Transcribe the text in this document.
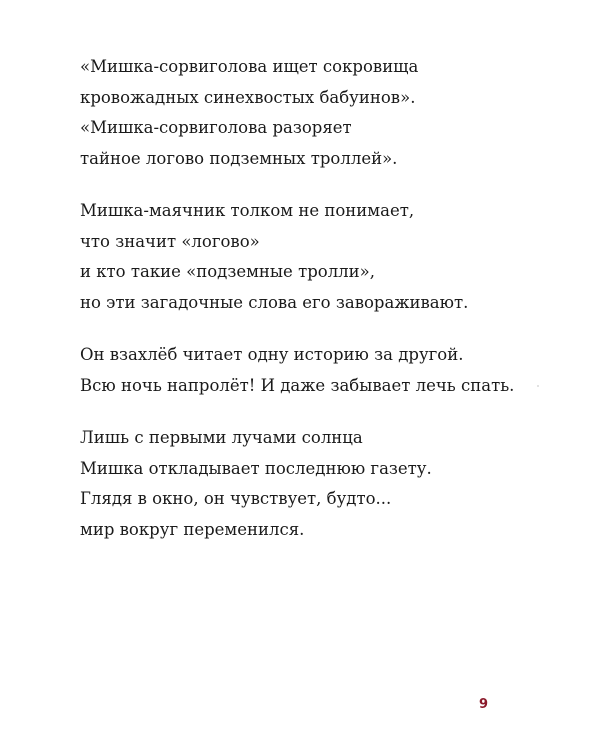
«Мишка-сорвиголова ищет сокровища
кровожадных синехвостых бабуинов».
«Мишка-сорвиголова разоряет
тайное логово подземных троллей».

Мишка-маячник толком не понимает,
что значит «логово»
и кто такие «подземные тролли»,
но эти загадочные слова его завораживают.

Он взахлёб читает одну историю за другой.
Всю ночь напролёт! И даже забывает лечь спать.

Лишь с первыми лучами солнца
Мишка откладывает последнюю газету.
Глядя в окно, он чувствует, будто...
мир вокруг переменился.

9
